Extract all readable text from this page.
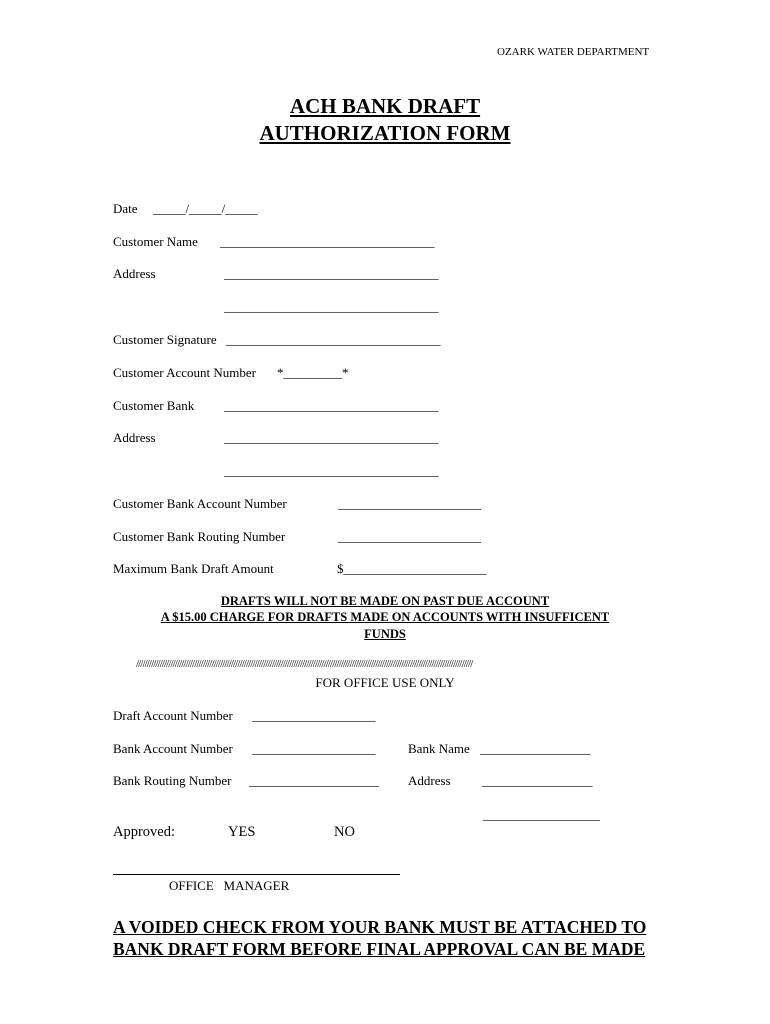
OZARK WATER DEPARTMENT
ACH BANK DRAFT
AUTHORIZATION FORM
Date _____/_____/_____
Customer Name _________________________________
Address	_________________________________
_________________________________
Customer Signature _________________________________
Customer Account Number *_________*
Customer Bank _________________________________
Address	_________________________________
_________________________________
Customer Bank Account Number	______________________
Customer Bank Routing Number	______________________
Maximum Bank Draft Amount	$______________________
DRAFTS WILL NOT BE MADE ON PAST DUE ACCOUNT
A $15.00 CHARGE FOR DRAFTS MADE ON ACCOUNTS WITH INSUFFICENT
FUNDS
////////////////////////////////////////////////////////////////////////////////////////////////////////////////////////////////////////////////////////////
FOR OFFICE USE ONLY
Draft Account Number ___________________
Bank Account Number ___________________	Bank Name _________________
Bank Routing Number ____________________ Address _________________
__________________
Approved:	YES	NO
OFFICE   MANAGER
A VOIDED CHECK FROM YOUR BANK MUST BE ATTACHED TO BANK DRAFT FORM BEFORE FINAL APPROVAL CAN BE MADE
